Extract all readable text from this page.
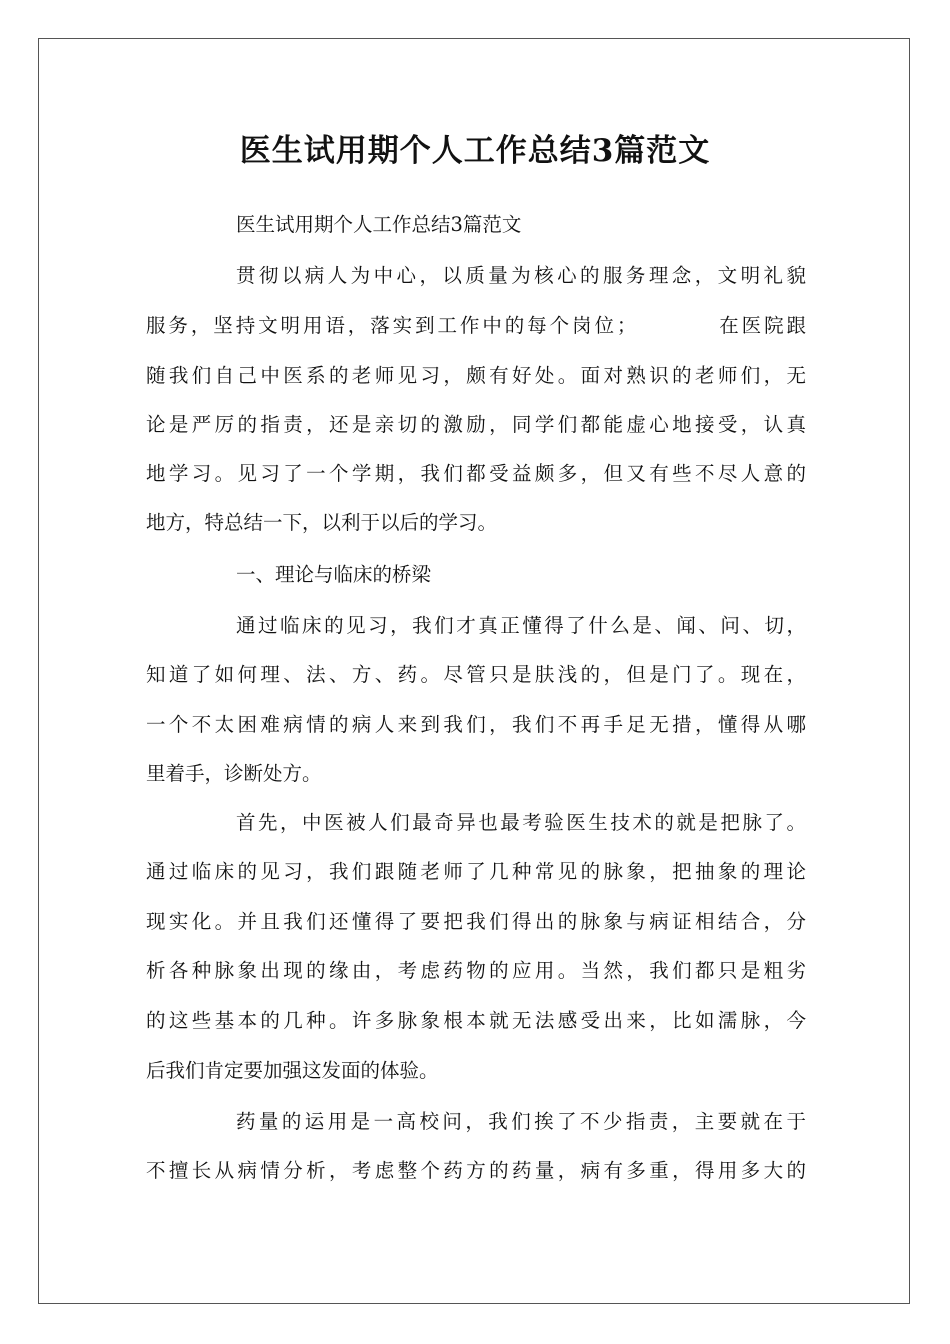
医生试用期个人工作总结3篇范文

医生试用期个人工作总结3篇范文

贯彻以病人为中心，以质量为核心的服务理念，文明礼貌

服务，坚持文明用语，落实到工作中的每个岗位；　　　　在医院跟

随我们自己中医系的老师见习，颇有好处。面对熟识的老师们，无

论是严厉的指责，还是亲切的激励，同学们都能虚心地接受，认真

地学习。见习了一个学期，我们都受益颇多，但又有些不尽人意的

地方，特总结一下，以利于以后的学习。

一、理论与临床的桥梁

通过临床的见习，我们才真正懂得了什么是、闻、问、切，

知道了如何理、法、方、药。尽管只是肤浅的，但是门了。现在，

一个不太困难病情的病人来到我们，我们不再手足无措，懂得从哪

里着手，诊断处方。

首先，中医被人们最奇异也最考验医生技术的就是把脉了。

通过临床的见习，我们跟随老师了几种常见的脉象，把抽象的理论

现实化。并且我们还懂得了要把我们得出的脉象与病证相结合，分

析各种脉象出现的缘由，考虑药物的应用。当然，我们都只是粗劣

的这些基本的几种。许多脉象根本就无法感受出来，比如濡脉，今

后我们肯定要加强这发面的体验。

药量的运用是一高校问，我们挨了不少指责，主要就在于

不擅长从病情分析，考虑整个药方的药量，病有多重，得用多大的
